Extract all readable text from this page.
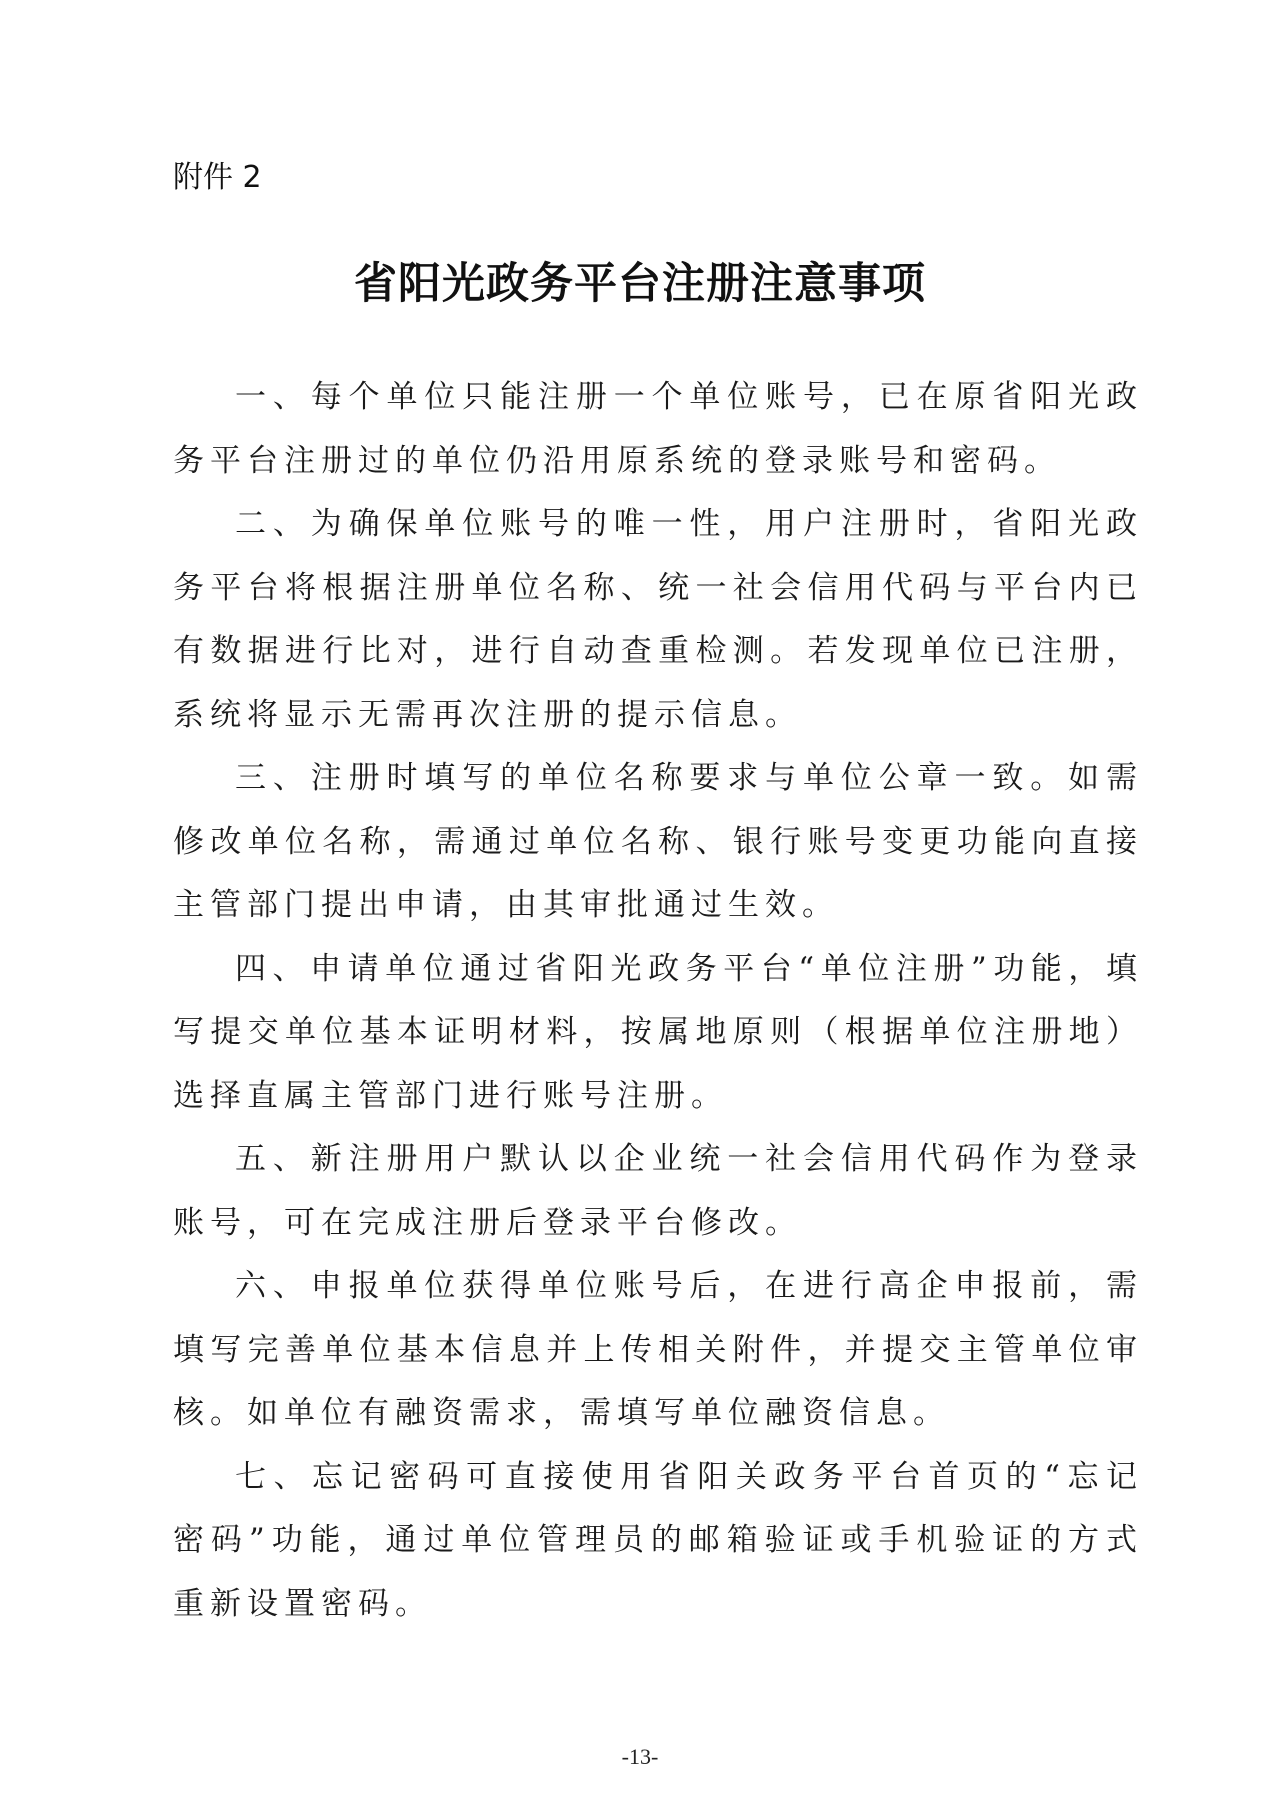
附件 2
省阳光政务平台注册注意事项

一、每个单位只能注册一个单位账号，已在原省阳光政务平台注册过的单位仍沿用原系统的登录账号和密码。

二、为确保单位账号的唯一性，用户注册时，省阳光政务平台将根据注册单位名称、统一社会信用代码与平台内已有数据进行比对，进行自动查重检测。若发现单位已注册，系统将显示无需再次注册的提示信息。

三、注册时填写的单位名称要求与单位公章一致。如需修改单位名称，需通过单位名称、银行账号变更功能向直接主管部门提出申请，由其审批通过生效。

四、申请单位通过省阳光政务平台“单位注册”功能，填写提交单位基本证明材料，按属地原则（根据单位注册地）选择直属主管部门进行账号注册。

五、新注册用户默认以企业统一社会信用代码作为登录账号，可在完成注册后登录平台修改。

六、申报单位获得单位账号后，在进行高企申报前，需填写完善单位基本信息并上传相关附件，并提交主管单位审核。如单位有融资需求，需填写单位融资信息。

七、忘记密码可直接使用省阳关政务平台首页的“忘记密码”功能，通过单位管理员的邮箱验证或手机验证的方式重新设置密码。

-13-
